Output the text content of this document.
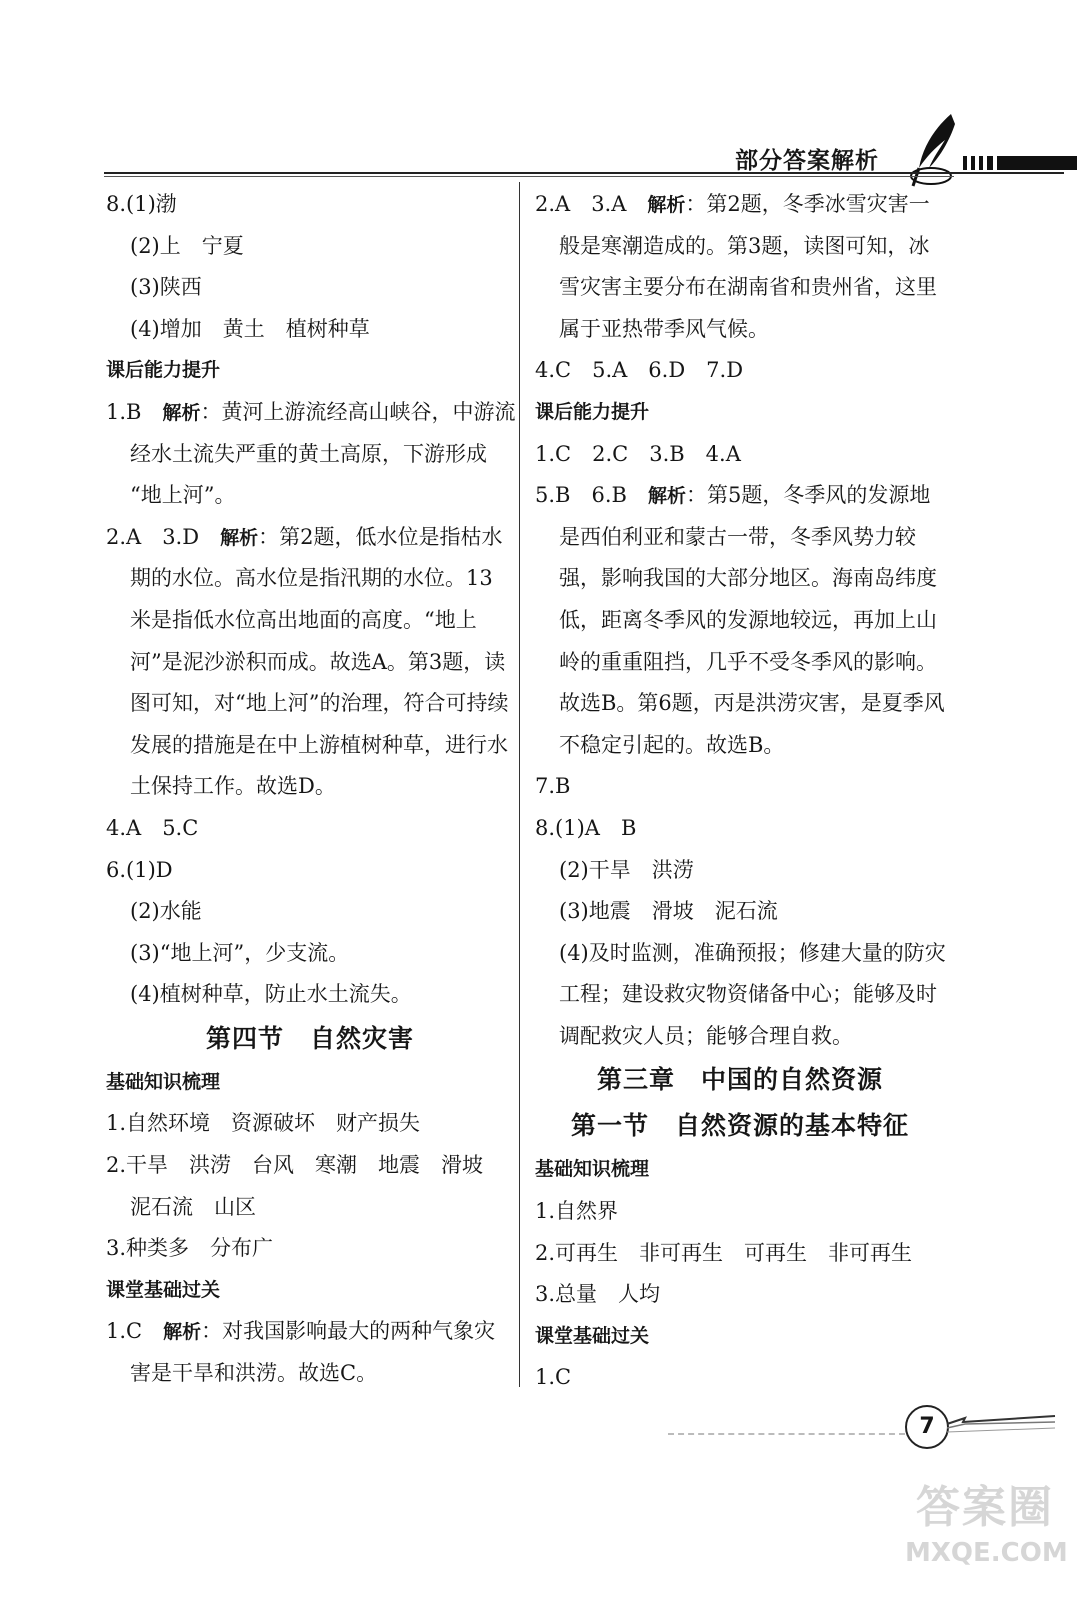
部分答案解析
8.(1)渤
(2)上　宁夏
(3)陕西
(4)增加　黄土　植树种草
课后能力提升
1.B　解析：黄河上游流经高山峡谷，中游流
经水土流失严重的黄土高原，下游形成
“地上河”。
2.A　3.D　解析：第2题，低水位是指枯水
期的水位。高水位是指汛期的水位。13
米是指低水位高出地面的高度。“地上
河”是泥沙淤积而成。故选A。第3题，读
图可知，对“地上河”的治理，符合可持续
发展的措施是在中上游植树种草，进行水
土保持工作。故选D。
4.A　5.C
6.(1)D
(2)水能
(3)“地上河”，少支流。
(4)植树种草，防止水土流失。
第四节　自然灾害
基础知识梳理
1.自然环境　资源破坏　财产损失
2.干旱　洪涝　台风　寒潮　地震　滑坡
泥石流　山区
3.种类多　分布广
课堂基础过关
1.C　解析：对我国影响最大的两种气象灾
害是干旱和洪涝。故选C。
2.A　3.A　解析：第2题，冬季冰雪灾害一
般是寒潮造成的。第3题，读图可知，冰
雪灾害主要分布在湖南省和贵州省，这里
属于亚热带季风气候。
4.C　5.A　6.D　7.D
课后能力提升
1.C　2.C　3.B　4.A
5.B　6.B　解析：第5题，冬季风的发源地
是西伯利亚和蒙古一带，冬季风势力较
强，影响我国的大部分地区。海南岛纬度
低，距离冬季风的发源地较远，再加上山
岭的重重阻挡，几乎不受冬季风的影响。
故选B。第6题，丙是洪涝灾害，是夏季风
不稳定引起的。故选B。
7.B
8.(1)A　B
(2)干旱　洪涝
(3)地震　滑坡　泥石流
(4)及时监测，准确预报；修建大量的防灾
工程；建设救灾物资储备中心；能够及时
调配救灾人员；能够合理自救。
第三章　中国的自然资源
第一节　自然资源的基本特征
基础知识梳理
1.自然界
2.可再生　非可再生　可再生　非可再生
3.总量　人均
课堂基础过关
1.C
7
答案圈
MXQE.COM
